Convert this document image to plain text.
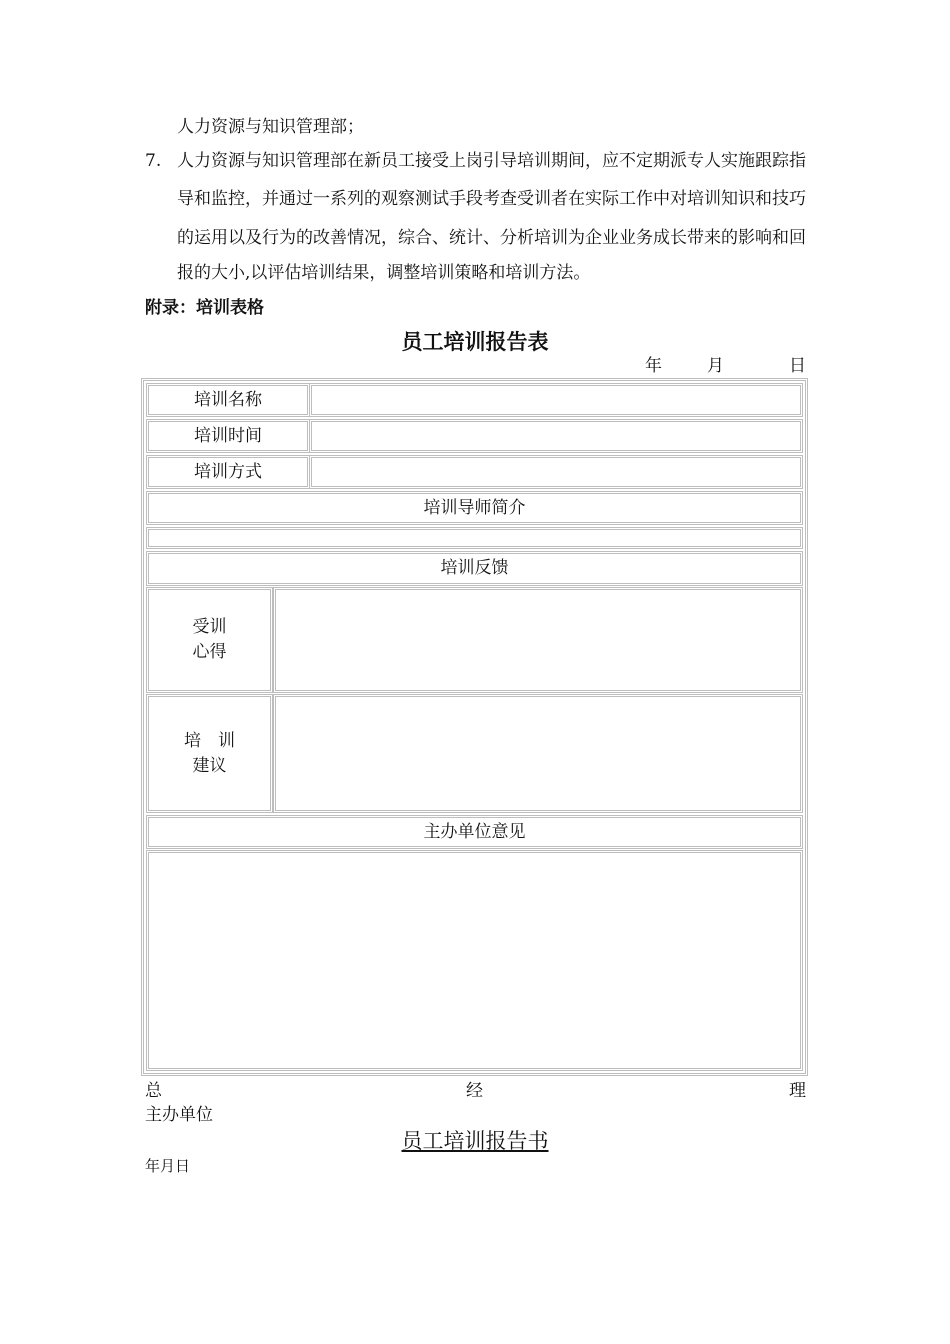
人力资源与知识管理部；
7. 人力资源与知识管理部在新员工接受上岗引导培训期间，应不定期派专人实施跟踪指
导和监控，并通过一系列的观察测试手段考查受训者在实际工作中对培训知识和技巧
的运用以及行为的改善情况，综合、统计、分析培训为企业业务成长带来的影响和回
报的大小,以评估培训结果，调整培训策略和培训方法。
附录：培训表格
员工培训报告表
年	月	日
培训名称
培训时间
培训方式
培训导师简介
培训反馈
受训
心得
培　训
建议
主办单位意见
总	经	理
主办单位
员工培训报告书
年月日
